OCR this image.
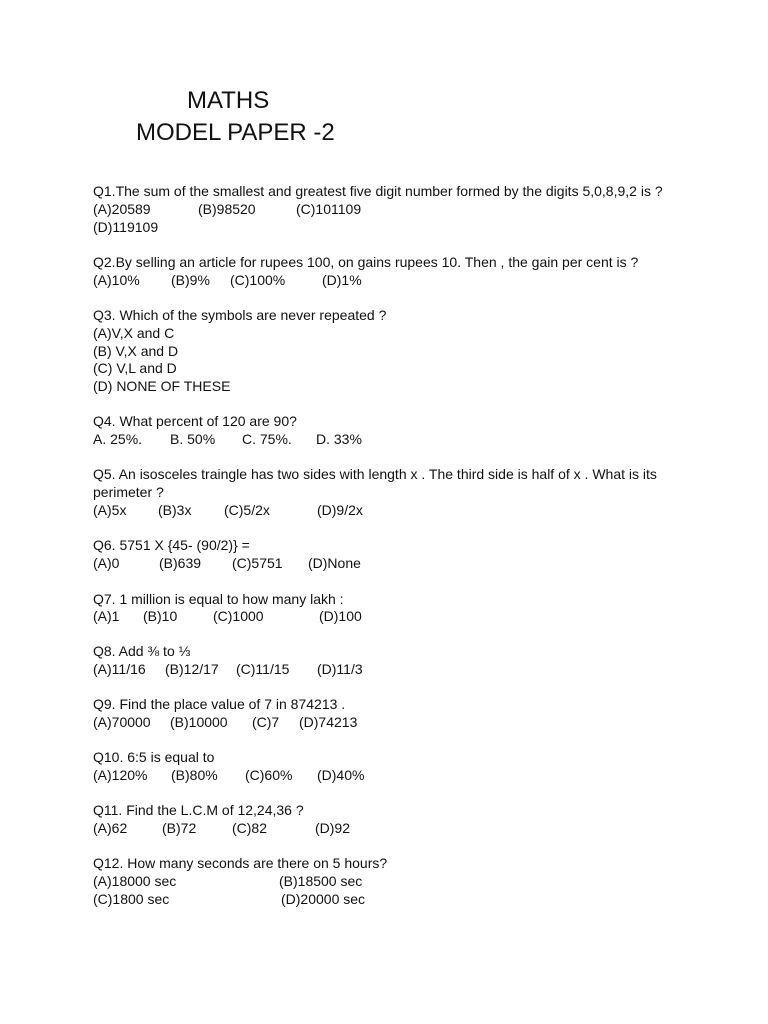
MATHS
MODEL PAPER -2
Q1.The sum of the smallest and greatest five digit number formed by the digits 5,0,8,9,2 is ?
(A)20589	(B)98520	(C)101109
(D)119109
Q2.By selling an article for rupees 100, on gains rupees 10. Then , the gain per cent is ?
(A)10% (B)9% (C)100%	(D)1%
Q3. Which of the symbols are never repeated ?
(A)V,X and C
(B) V,X and D
(C) V,L and D
(D) NONE OF THESE
Q4. What percent of 120 are 90?
A. 25%. B. 50% C. 75%. D. 33%
Q5. An isosceles traingle has two sides with length x . The third side is half of x . What is its
perimeter ?
(A)5x (B)3x (C)5/2x	(D)9/2x
Q6. 5751 X {45- (90/2)} =
(A)0	(B)639 (C)5751 (D)None
Q7. 1 million is equal to how many lakh :
(A)1 (B)10	(C)1000	(D)100
Q8. Add ⅜ to ⅓
(A)11/16 (B)12/17 (C)11/15 (D)11/3
Q9. Find the place value of 7 in 874213 .
(A)70000 (B)10000 (C)7 (D)74213
Q10. 6:5 is equal to
(A)120% (B)80% (C)60% (D)40%
Q11. Find the L.C.M of 12,24,36 ?
(A)62 (B)72	(C)82	(D)92
Q12. How many seconds are there on 5 hours?
(A)18000 sec	(B)18500 sec
(C)1800 sec	(D)20000 sec
